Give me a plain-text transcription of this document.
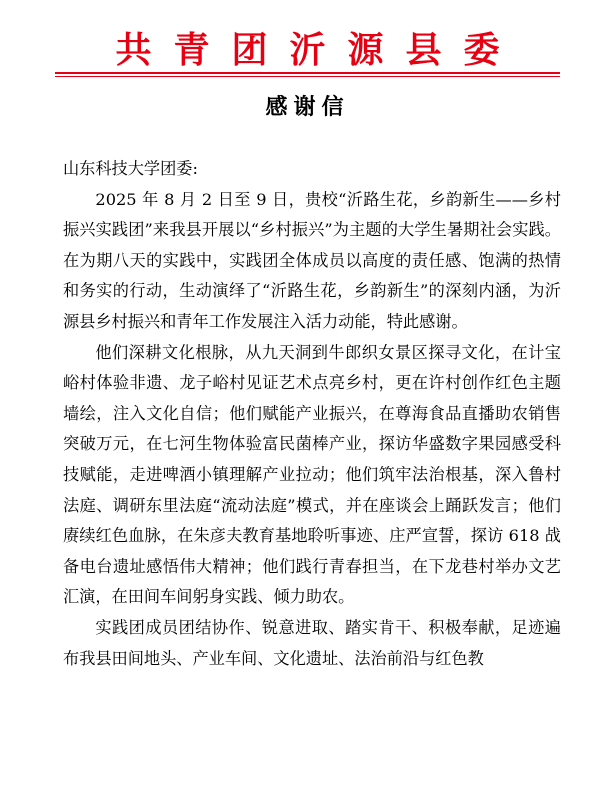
共青团沂源县委
感谢信

山东科技大学团委:

2025 年 8 月 2 日至 9 日，贵校“沂路生花，乡韵新生——乡村振兴实践团”来我县开展以“乡村振兴”为主题的大学生暑期社会实践。在为期八天的实践中，实践团全体成员以高度的责任感、饱满的热情和务实的行动，生动演绎了“沂路生花，乡韵新生”的深刻内涵，为沂源县乡村振兴和青年工作发展注入活力动能，特此感谢。

他们深耕文化根脉，从九天洞到牛郎织女景区探寻文化，在计宝峪村体验非遗、龙子峪村见证艺术点亮乡村，更在许村创作红色主题墙绘，注入文化自信；他们赋能产业振兴，在尊海食品直播助农销售突破万元，在七河生物体验富民菌棒产业，探访华盛数字果园感受科技赋能，走进啤酒小镇理解产业拉动；他们筑牢法治根基，深入鲁村法庭、调研东里法庭“流动法庭”模式，并在座谈会上踊跃发言；他们赓续红色血脉，在朱彦夫教育基地聆听事迹、庄严宣誓，探访 618 战备电台遗址感悟伟大精神；他们践行青春担当，在下龙巷村举办文艺汇演，在田间车间躬身实践、倾力助农。

实践团成员团结协作、锐意进取、踏实肯干、积极奉献，足迹遍布我县田间地头、产业车间、文化遗址、法治前沿与红色教
